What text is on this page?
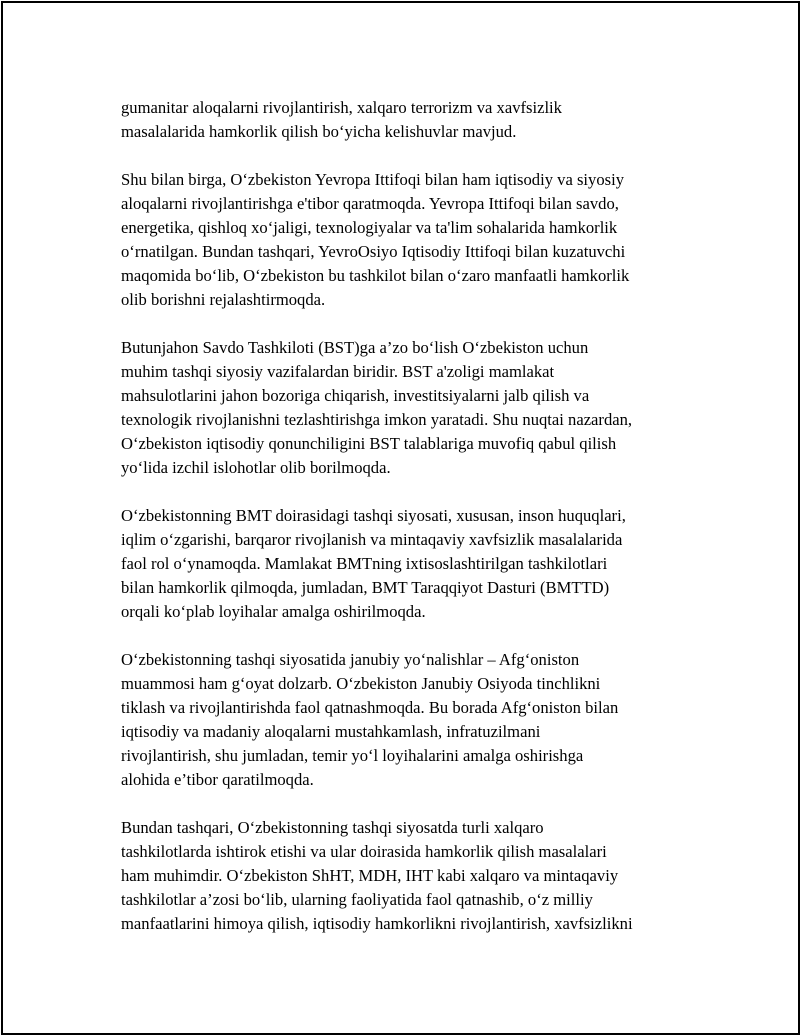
gumanitar aloqalarni rivojlantirish, xalqaro terrorizm va xavfsizlik
masalalarida hamkorlik qilish boʻyicha kelishuvlar mavjud.

Shu bilan birga, Oʻzbekiston Yevropa Ittifoqi bilan ham iqtisodiy va siyosiy
aloqalarni rivojlantirishga e'tibor qaratmoqda. Yevropa Ittifoqi bilan savdo,
energetika, qishloq xoʻjaligi, texnologiyalar va ta'lim sohalarida hamkorlik
oʻrnatilgan. Bundan tashqari, YevroOsiyo Iqtisodiy Ittifoqi bilan kuzatuvchi
maqomida boʻlib, Oʻzbekiston bu tashkilot bilan oʻzaro manfaatli hamkorlik
olib borishni rejalashtirmoqda.

Butunjahon Savdo Tashkiloti (BST)ga a’zo boʻlish Oʻzbekiston uchun
muhim tashqi siyosiy vazifalardan biridir. BST a'zoligi mamlakat
mahsulotlarini jahon bozoriga chiqarish, investitsiyalarni jalb qilish va
texnologik rivojlanishni tezlashtirishga imkon yaratadi. Shu nuqtai nazardan,
Oʻzbekiston iqtisodiy qonunchiligini BST talablariga muvofiq qabul qilish
yoʻlida izchil islohotlar olib borilmoqda.

Oʻzbekistonning BMT doirasidagi tashqi siyosati, xususan, inson huquqlari,
iqlim oʻzgarishi, barqaror rivojlanish va mintaqaviy xavfsizlik masalalarida
faol rol oʻynamoqda. Mamlakat BMTning ixtisoslashtirilgan tashkilotlari
bilan hamkorlik qilmoqda, jumladan, BMT Taraqqiyot Dasturi (BMTTD)
orqali koʻplab loyihalar amalga oshirilmoqda.

Oʻzbekistonning tashqi siyosatida janubiy yoʻnalishlar – Afgʻoniston
muammosi ham gʻoyat dolzarb. Oʻzbekiston Janubiy Osiyoda tinchlikni
tiklash va rivojlantirishda faol qatnashmoqda. Bu borada Afgʻoniston bilan
iqtisodiy va madaniy aloqalarni mustahkamlash, infratuzilmani
rivojlantirish, shu jumladan, temir yoʻl loyihalarini amalga oshirishga
alohida e’tibor qaratilmoqda.

Bundan tashqari, Oʻzbekistonning tashqi siyosatda turli xalqaro
tashkilotlarda ishtirok etishi va ular doirasida hamkorlik qilish masalalari
ham muhimdir. Oʻzbekiston ShHT, MDH, IHT kabi xalqaro va mintaqaviy
tashkilotlar a’zosi boʻlib, ularning faoliyatida faol qatnashib, oʻz milliy
manfaatlarini himoya qilish, iqtisodiy hamkorlikni rivojlantirish, xavfsizlikni
